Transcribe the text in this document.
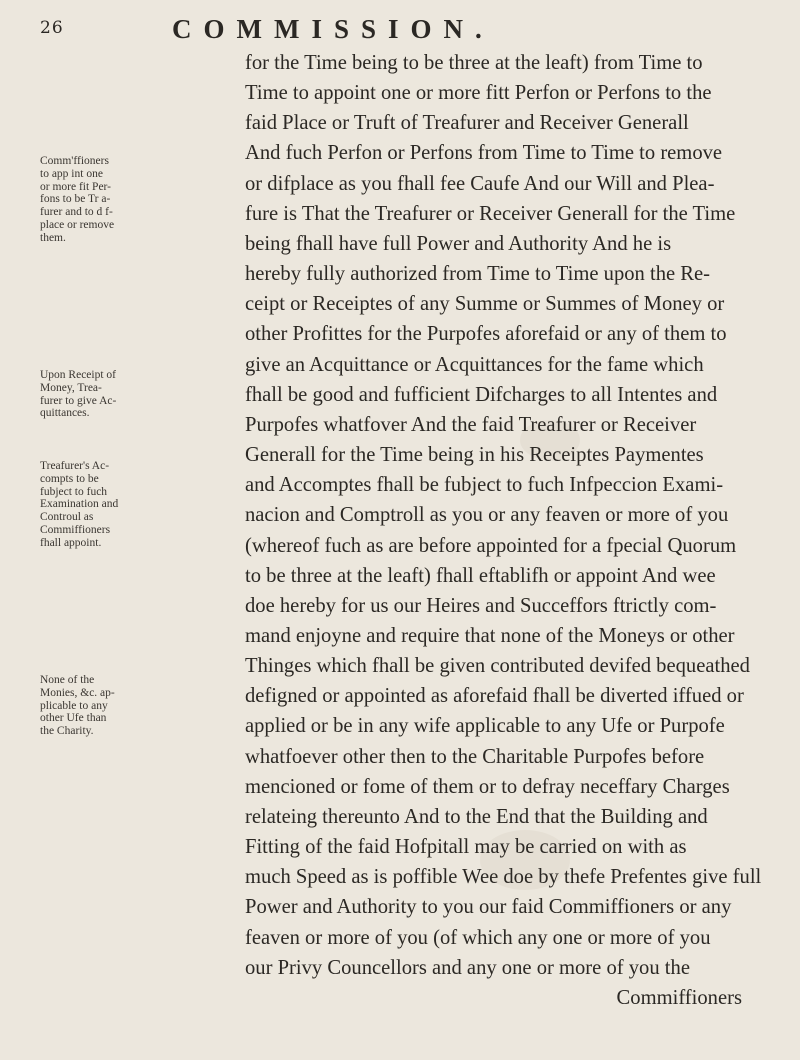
26	COMMISSION.
Comm'ffioners
to app int one
or more fit Per-
fons to be Tr a-
furer and to d f-
place or remove
them.
Upon Receipt of
Money, Trea-
furer to give Ac-
quittances.
Treafurer's Ac-
compts to be
fubject to fuch
Examination and
Controul as
Commiffioners
fhall appoint.
None of the
Monies, &c. ap-
plicable to any
other Ufe than
the Charity.
for the Time being to be three at the leaft) from Time to
Time to appoint one or more fitt Perfon or Perfons to the
faid Place or Truft of Treafurer and Receiver Generall
And fuch Perfon or Perfons from Time to Time to remove
or difplace as you fhall fee Caufe And our Will and Plea-
fure is That the Treafurer or Receiver Generall for the Time
being fhall have full Power and Authority And he is
hereby fully authorized from Time to Time upon the Re-
ceipt or Receiptes of any Summe or Summes of Money or
other Profittes for the Purpofes aforefaid or any of them to
give an Acquittance or Acquittances for the fame which
fhall be good and fufficient Difcharges to all Intentes and
Purpofes whatfover And the faid Treafurer or Receiver
Generall for the Time being in his Receiptes Paymentes
and Accomptes fhall be fubject to fuch Infpeccion Exami-
nacion and Comptroll as you or any feaven or more of you
(whereof fuch as are before appointed for a fpecial Quorum
to be three at the leaft) fhall eftablifh or appoint And wee
doe hereby for us our Heires and Succeffors ftrictly com-
mand enjoyne and require that none of the Moneys or other
Thinges which fhall be given contributed devifed bequeathed
defigned or appointed as aforefaid fhall be diverted iffued or
applied or be in any wife applicable to any Ufe or Purpofe
whatfoever other then to the Charitable Purpofes before
mencioned or fome of them or to defray neceffary Charges
relateing thereunto And to the End that the Building and
Fitting of the faid Hofpitall may be carried on with as
much Speed as is poffible Wee doe by thefe Prefentes give full
Power and Authority to you our faid Commiffioners or any
feaven or more of you (of which any one or more of you
our Privy Councellors and any one or more of you the
Commiffioners
